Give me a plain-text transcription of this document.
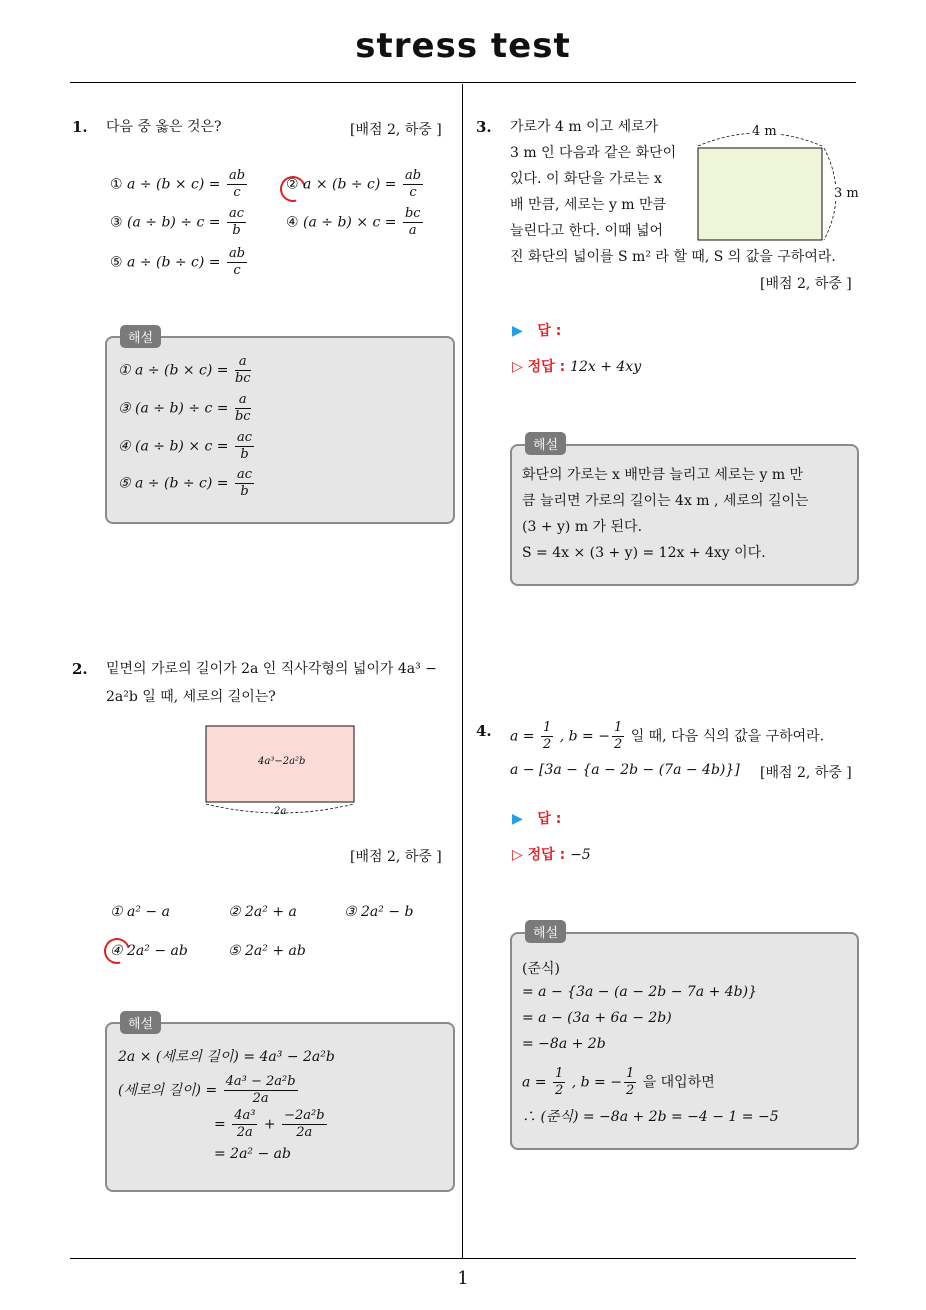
stress test
1
1. 다음 중 옳은 것은?	[배점 2, 하중 ]
① $a \div (b \times c) = \frac{ab}{c}$	② $a \times (b \div c) = \frac{ab}{c}$
③ $(a \div b) \div c = \frac{ac}{b}$	④ $(a \div b) \times c = \frac{bc}{a}$
⑤ $a \div (b \div c) = \frac{ab}{c}$
해설
① $a \div (b \times c) = \frac{a}{bc}$
③ $(a \div b) \div c = \frac{a}{bc}$
④ $(a \div b) \times c = \frac{ac}{b}$
⑤ $a \div (b \div c) = \frac{ac}{b}$
2. 밑면의 가로의 길이가 2a 인 직사각형의 넓이가 4a³ −
2a²b 일 때, 세로의 길이는?
4a³−2a²b
2a
[배점 2, 하중 ]
① a² − a	② 2a² + a	③ 2a² − b
④ 2a² − ab	⑤ 2a² + ab
해설
2a × (세로의 길이) = 4a³ − 2a²b
(세로의 길이) = $\frac{\text{4a³ − 2a²b}}{2a}$
= $\frac{\text{4a³}}{2a} + \frac{\text{−2a²b}}{2a}$
= 2a² − ab
3. 가로가 4 m 이고 세로가
3 m 인 다음과 같은 화단이
있다. 이 화단을 가로는 x
배 만큼, 세로는 y m 만큼
늘린다고 한다. 이때 넓어
진 화단의 넓이를 S m² 라 할 때, S 의 값을 구하여라.
4 m
3 m
[배점 2, 하중 ]
▶ 답 :
▷ 정답 : 12x + 4xy
해설
화단의 가로는 x 배만큼 늘리고 세로는 y m 만
큼 늘리면 가로의 길이는 4x m , 세로의 길이는
(3 + y) m 가 된다.
S = 4x × (3 + y) = 12x + 4xy 이다.
4. $a = \frac{1}{2}$ , b = − $\frac{1}{2}$ 일 때, 다음 식의 값을 구하여라.
a − [3a − {a − 2b − (7a − 4b)}] [배점 2, 하중 ]
▶ 답 :
▷ 정답 : −5
해설
(준식)
= a − {3a − (a − 2b − 7a + 4b)}
= a − (3a + 6a − 2b)
= −8a + 2b
$a = \frac{1}{2}$ , b = − $\frac{1}{2}$ 을 대입하면
∴ (준식) = −8a + 2b = −4 − 1 = −5
